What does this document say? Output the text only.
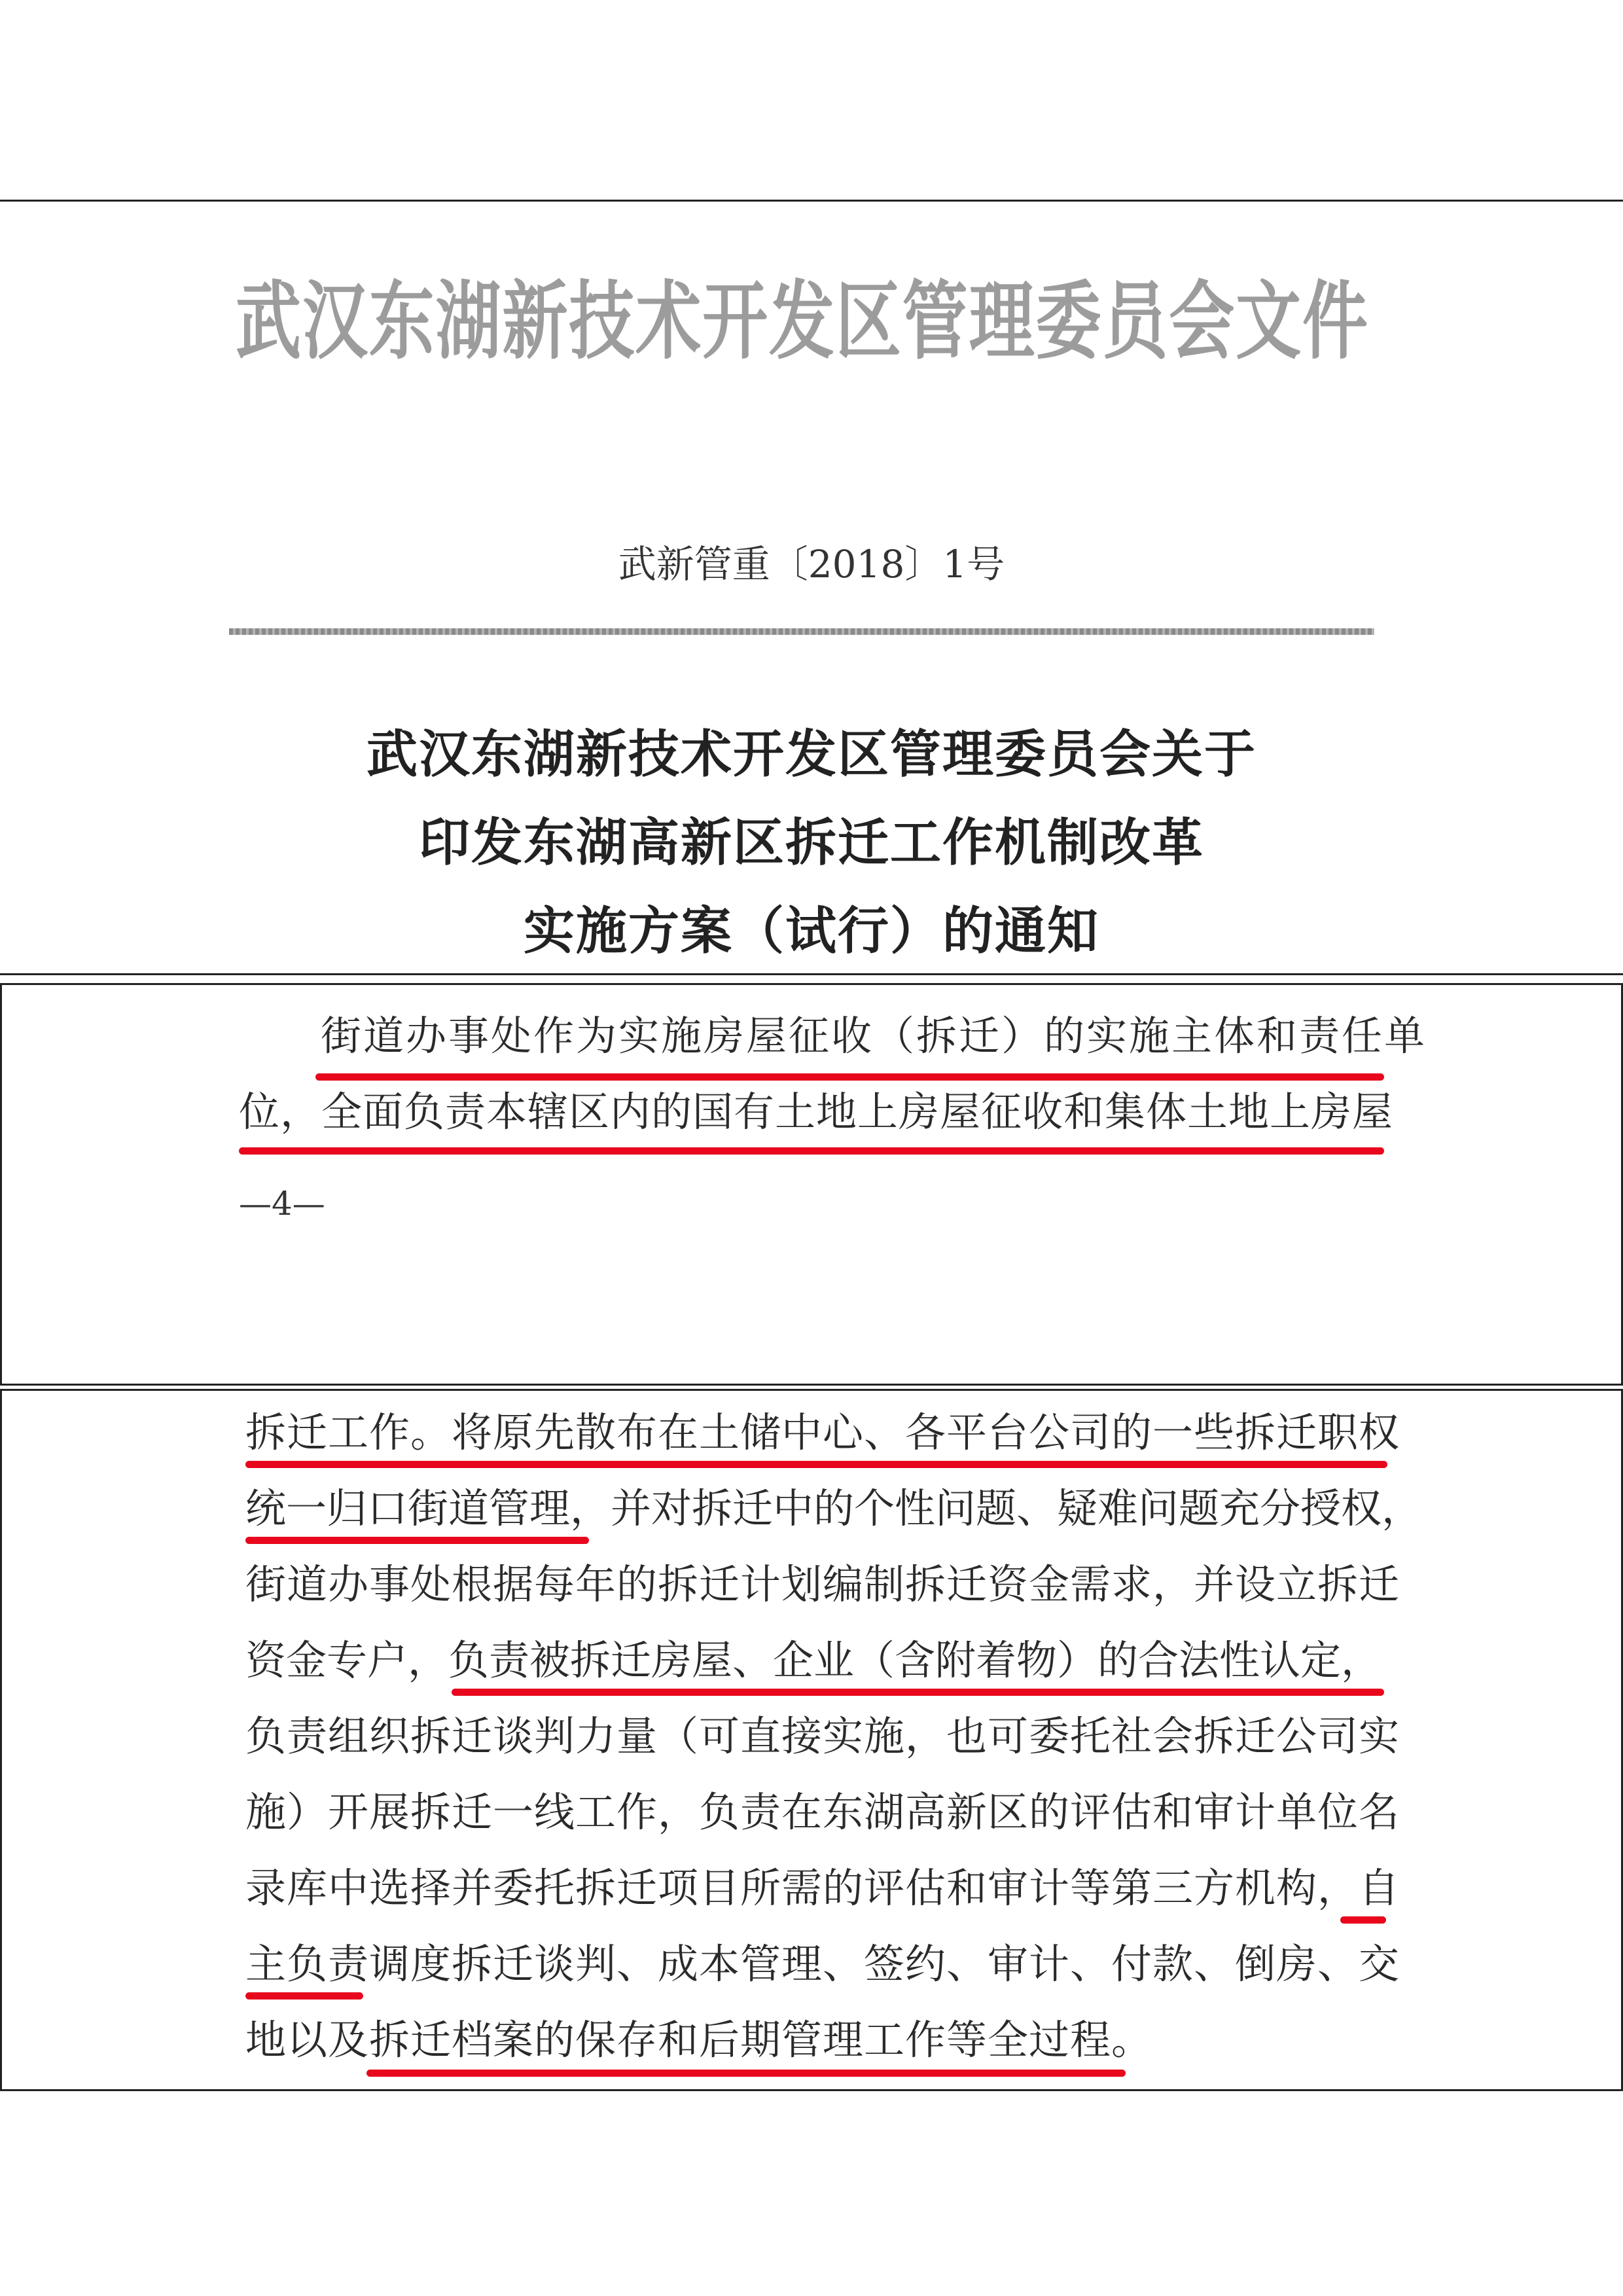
武 汉 东 湖 新 技 术 开 发 区 管 理 委 员 会 文 件
武新管重〔2018〕1号
武汉东湖新技术开发区管理委员会关于
印发东湖高新区拆迁工作机制改革
实施方案（试行）的通知
街道办事处作为实施房屋征收（拆迁）的实施主体和责任单
位，全面负责本辖区内的国有土地上房屋征收和集体土地上房屋
—4—
拆迁工作。将原先散布在土储中心、各平台公司的一些拆迁职权
统一归口街道管理，并对拆迁中的个性问题、疑难问题充分授权，
街道办事处根据每年的拆迁计划编制拆迁资金需求，并设立拆迁
资金专户，负责被拆迁房屋、企业（含附着物）的合法性认定，
负责组织拆迁谈判力量（可直接实施，也可委托社会拆迁公司实
施）开展拆迁一线工作，负责在东湖高新区的评估和审计单位名
录库中选择并委托拆迁项目所需的评估和审计等第三方机构，自
主负责调度拆迁谈判、成本管理、签约、审计、付款、倒房、交
地以及拆迁档案的保存和后期管理工作等全过程。
